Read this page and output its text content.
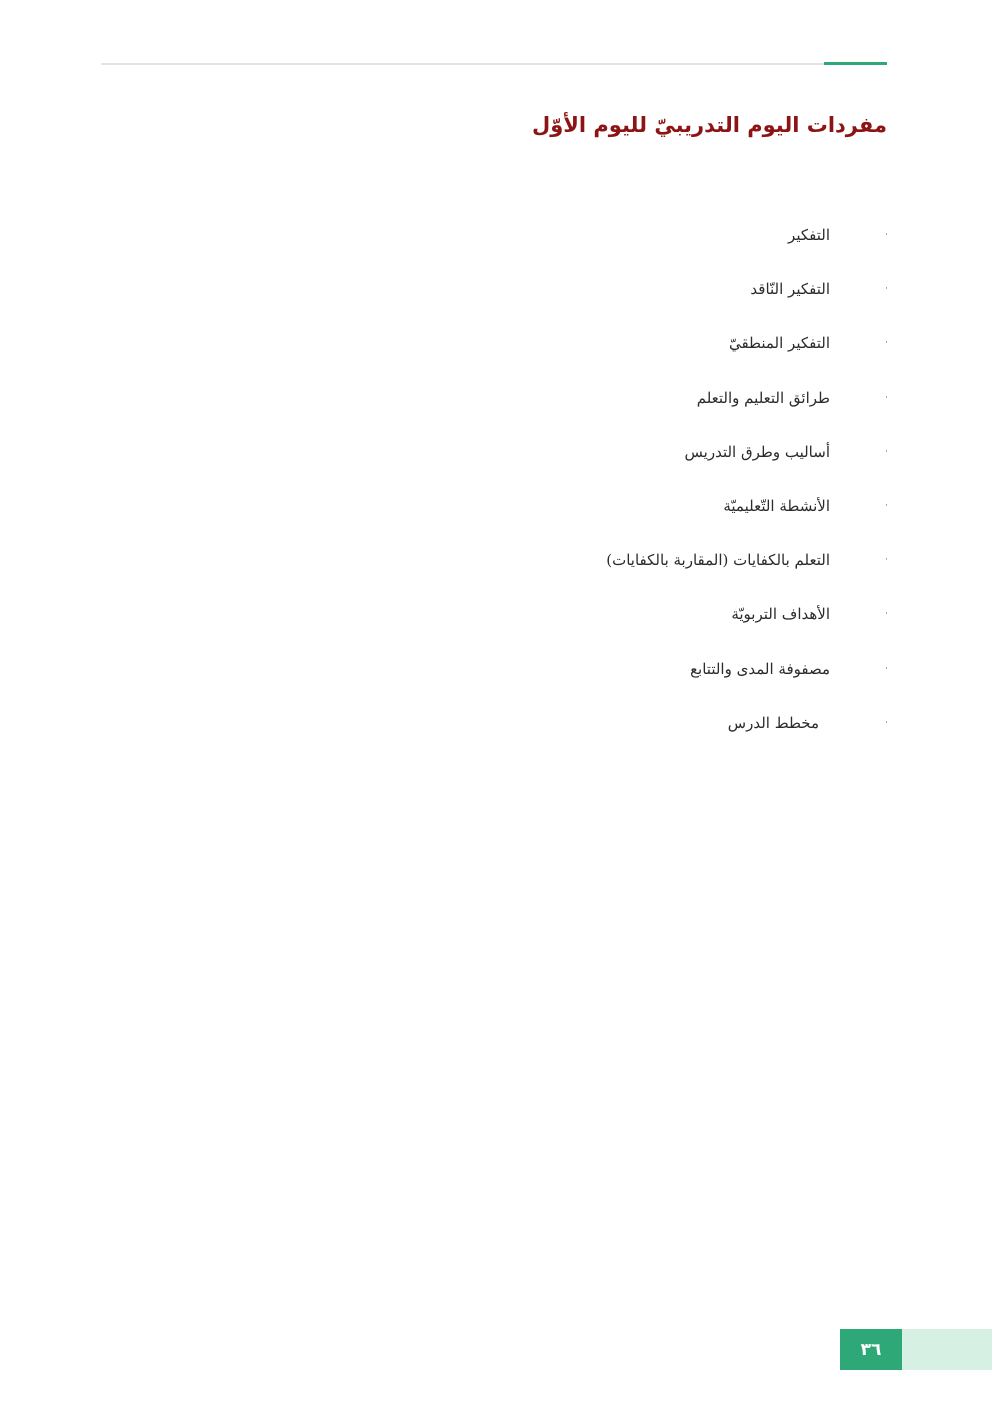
مفردات اليوم التدريبيّ لليوم الأوّل
·
التفكير
·
التفكير النّاقد
·
التفكير المنطقيّ
·
طرائق التعليم والتعلم
·
أساليب وطرق التدريس
·
الأنشطة التّعليميّة
·
التعلم بالكفايات (المقاربة بالكفايات)
·
الأهداف التربويّة
·
مصفوفة المدى والتتابع
·
مخطط الدرس
٣٦
